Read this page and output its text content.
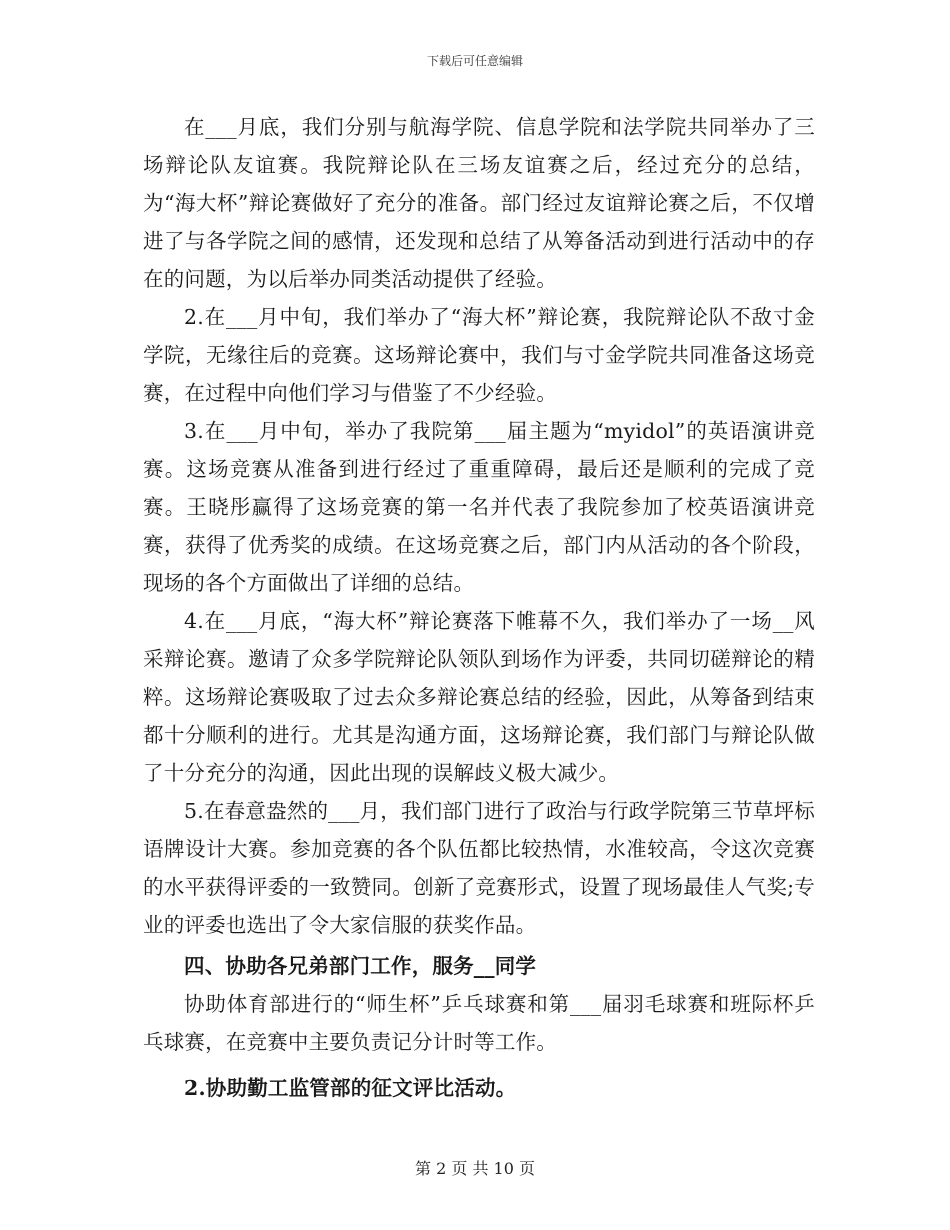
下载后可任意编辑

在___月底，我们分别与航海学院、信息学院和法学院共同举办了三场辩论队友谊赛。我院辩论队在三场友谊赛之后，经过充分的总结，为“海大杯”辩论赛做好了充分的准备。部门经过友谊辩论赛之后，不仅增进了与各学院之间的感情，还发现和总结了从筹备活动到进行活动中的存在的问题，为以后举办同类活动提供了经验。

2.在___月中旬，我们举办了“海大杯”辩论赛，我院辩论队不敌寸金学院，无缘往后的竞赛。这场辩论赛中，我们与寸金学院共同准备这场竞赛，在过程中向他们学习与借鉴了不少经验。

3.在___月中旬，举办了我院第___届主题为“myidol”的英语演讲竞赛。这场竞赛从准备到进行经过了重重障碍，最后还是顺利的完成了竞赛。王晓彤赢得了这场竞赛的第一名并代表了我院参加了校英语演讲竞赛，获得了优秀奖的成绩。在这场竞赛之后，部门内从活动的各个阶段，现场的各个方面做出了详细的总结。

4.在___月底，“海大杯”辩论赛落下帷幕不久，我们举办了一场__风采辩论赛。邀请了众多学院辩论队领队到场作为评委，共同切磋辩论的精粹。这场辩论赛吸取了过去众多辩论赛总结的经验，因此，从筹备到结束都十分顺利的进行。尤其是沟通方面，这场辩论赛，我们部门与辩论队做了十分充分的沟通，因此出现的误解歧义极大减少。

5.在春意盎然的___月，我们部门进行了政治与行政学院第三节草坪标语牌设计大赛。参加竞赛的各个队伍都比较热情，水准较高，令这次竞赛的水平获得评委的一致赞同。创新了竞赛形式，设置了现场最佳人气奖;专业的评委也选出了令大家信服的获奖作品。

四、协助各兄弟部门工作，服务__同学

协助体育部进行的“师生杯”乒乓球赛和第___届羽毛球赛和班际杯乒乓球赛，在竞赛中主要负责记分计时等工作。

2.协助勤工监管部的征文评比活动。

第 2 页 共 10 页
